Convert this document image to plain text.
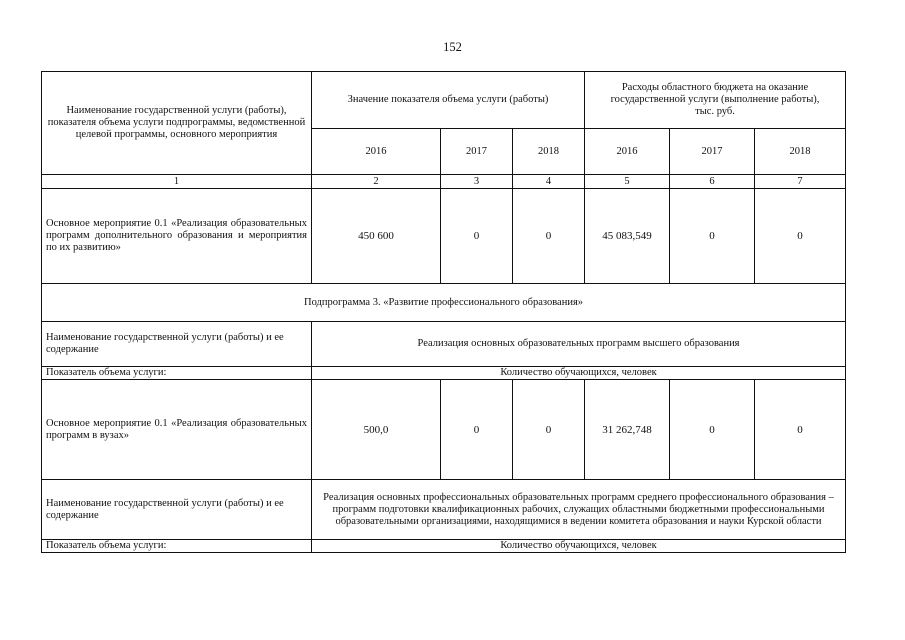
152
Наименование государственной услуги (работы), показателя объема услуги подпрограммы, ведомственной целевой программы, основного мероприятия	Значение показателя объема услуги (работы)			Расходы областного бюджета на оказание государственной услуги (выполнение работы),
тыс. руб.		
	2016	2017	2018	2016	2017	2018
1	2	3	4	5	6	7
Основное мероприятие 0.1 «Реализация образовательных программ дополнительного образования и мероприятия по их развитию»	450 600	0	0	45 083,549	0	0
Подпрограмма 3. «Развитие профессионального образования»						
Наименование государственной услуги (работы) и ее содержание	Реализация основных образовательных программ высшего образования					
Показатель объема услуги:	Количество обучающихся, человек					
Основное мероприятие 0.1 «Реализация образовательных программ в вузах»	500,0	0	0	31 262,748	0	0
Наименование государственной услуги (работы) и ее содержание	Реализация основных профессиональных образовательных программ среднего профессионального образования – программ подготовки квалификационных рабочих, служащих областными бюджетными профессиональными образовательными организациями, находящимися в ведении комитета образования и науки Курской области					
Показатель объема услуги:	Количество обучающихся, человек					
